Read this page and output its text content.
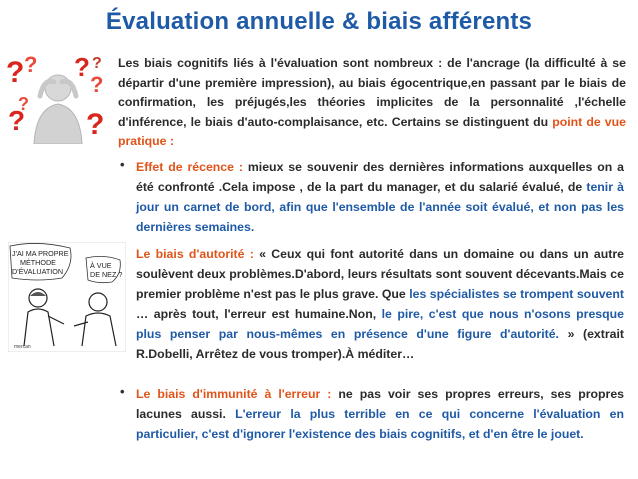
Évaluation annuelle & biais afférents
? ? ?
?
? ?
?
?
Les biais cognitifs liés à l'évaluation sont nombreux : de l'ancrage (la difficulté à se départir d'une première impression), au biais égocentrique,en passant par le biais de confirmation, les préjugés,les théories implicites de la personnalité ,l'échelle d'inférence, le biais d'auto-complaisance, etc. Certains se distinguent du point de vue pratique :
• Effet de récence : mieux se souvenir des dernières informations auxquelles on a été confronté .Cela impose , de la part du manager, et du salarié évalué, de tenir à jour un carnet de bord, afin que l'ensemble de l'année soit évalué, et non pas les dernières semaines.
J'AI MA PROPRE
MÉTHODE
D'ÉVALUATION
À VUE
DE NEZ ?
mercan
Le biais d'autorité : « Ceux qui font autorité dans un domaine ou dans un autre soulèvent deux problèmes.D'abord, leurs résultats sont souvent décevants.Mais ce premier problème n'est pas le plus grave. Que les spécialistes se trompent souvent … après tout, l'erreur est humaine.Non, le pire, c'est que nous n'osons presque plus penser par nous-mêmes en présence d'une figure d'autorité. » (extrait R.Dobelli, Arrêtez de vous tromper).À méditer…
• Le biais d'immunité à l'erreur : ne pas voir ses propres erreurs, ses propres lacunes aussi. L'erreur la plus terrible en ce qui concerne l'évaluation en particulier, c'est d'ignorer l'existence des biais cognitifs, et d'en être le jouet.
